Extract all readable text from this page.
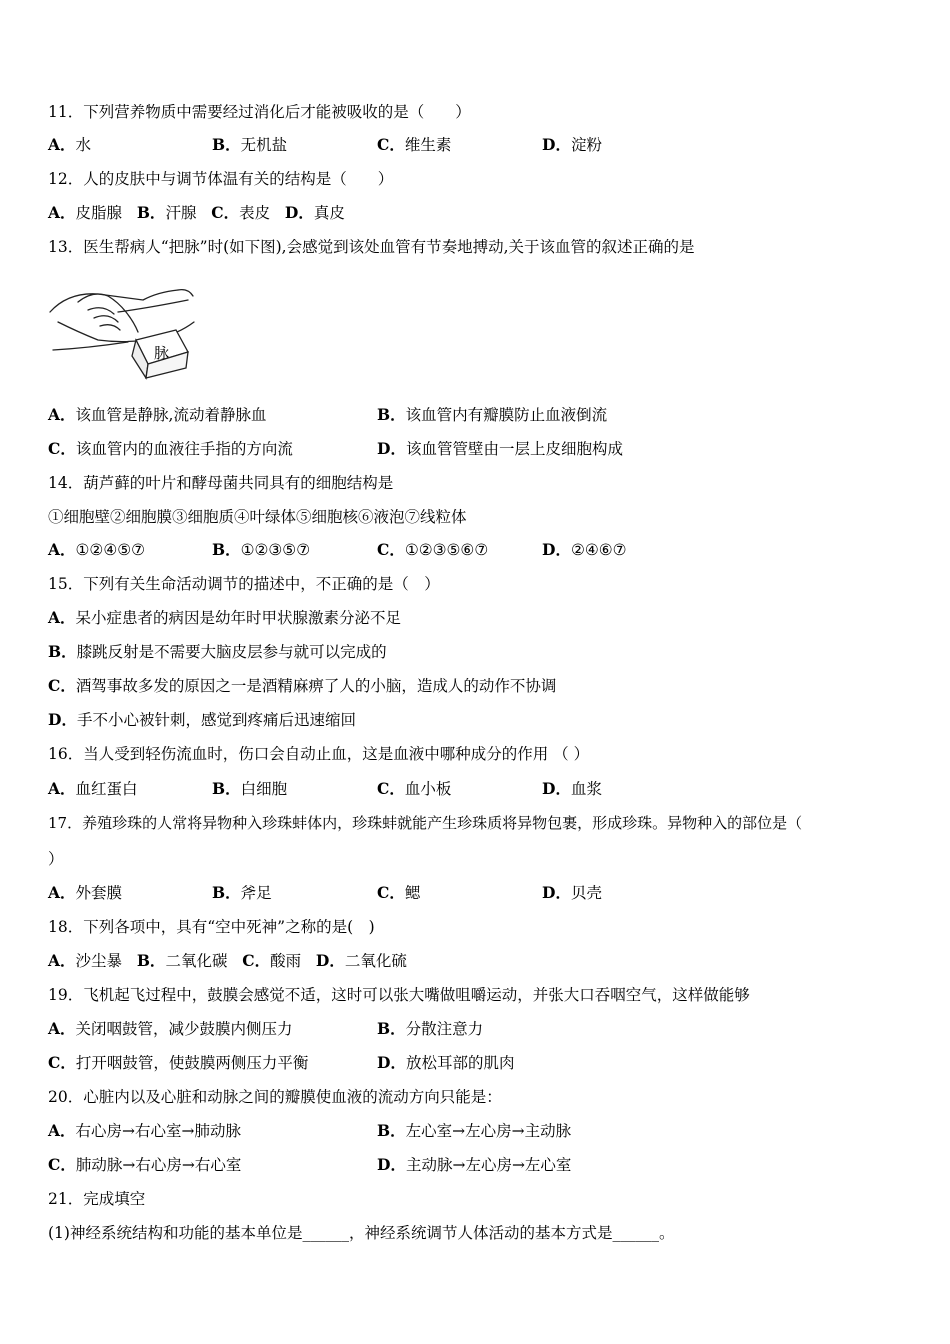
11．下列营养物质中需要经过消化后才能被吸收的是（　　）
A．水	B．无机盐	C．维生素	D．淀粉
12．人的皮肤中与调节体温有关的结构是（　　）
A．皮脂腺 B．汗腺 C．表皮 D．真皮
13．医生帮病人“把脉”时(如下图),会感觉到该处血管有节奏地搏动,关于该血管的叙述正确的是
脉
A．该血管是静脉,流动着静脉血	B．该血管内有瓣膜防止血液倒流
C．该血管内的血液往手指的方向流	D．该血管管壁由一层上皮细胞构成
14．葫芦藓的叶片和酵母菌共同具有的细胞结构是
①细胞壁②细胞膜③细胞质④叶绿体⑤细胞核⑥液泡⑦线粒体
A．①②④⑤⑦	B．①②③⑤⑦	C．①②③⑤⑥⑦	D．②④⑥⑦
15．下列有关生命活动调节的描述中，不正确的是（　）
A．呆小症患者的病因是幼年时甲状腺激素分泌不足
B．膝跳反射是不需要大脑皮层参与就可以完成的
C．酒驾事故多发的原因之一是酒精麻痹了人的小脑，造成人的动作不协调
D．手不小心被针刺，感觉到疼痛后迅速缩回
16．当人受到轻伤流血时，伤口会自动止血，这是血液中哪种成分的作用 （ ）
A．血红蛋白	B．白细胞	C．血小板	D．血浆
17．养殖珍珠的人常将异物种入珍珠蚌体内，珍珠蚌就能产生珍珠质将异物包裹，形成珍珠。异物种入的部位是（
）
A．外套膜	B．斧足	C．鳃	D．贝壳
18．下列各项中，具有“空中死神”之称的是(　)
A．沙尘暴 B．二氧化碳 C．酸雨 D．二氧化硫
19．飞机起飞过程中，鼓膜会感觉不适，这时可以张大嘴做咀嚼运动，并张大口吞咽空气，这样做能够
A．关闭咽鼓管，减少鼓膜内侧压力	B．分散注意力
C．打开咽鼓管，使鼓膜两侧压力平衡	D．放松耳部的肌肉
20．心脏内以及心脏和动脉之间的瓣膜使血液的流动方向只能是：
A．右心房→右心室→肺动脉	B．左心室→左心房→主动脉
C．肺动脉→右心房→右心室	D．主动脉→左心房→左心室
21．完成填空
(1)神经系统结构和功能的基本单位是______，神经系统调节人体活动的基本方式是______。
